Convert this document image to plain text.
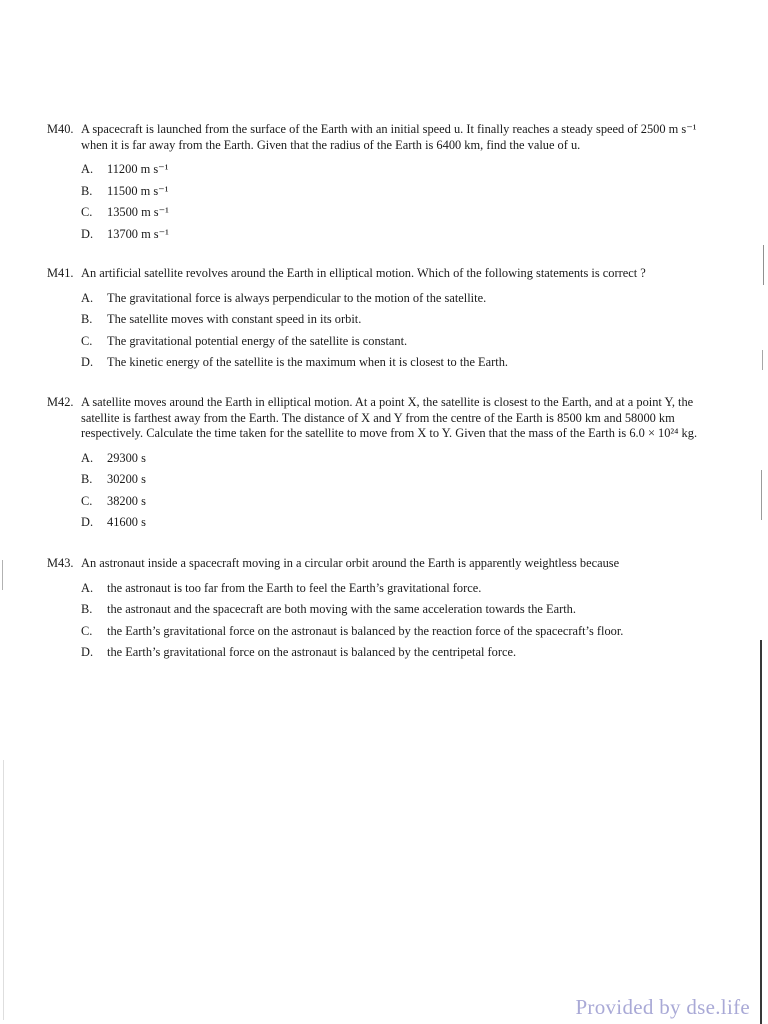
M40. A spacecraft is launched from the surface of the Earth with an initial speed u. It finally reaches a steady speed of 2500 m s⁻¹
when it is far away from the Earth. Given that the radius of the Earth is 6400 km, find the value of u.
A.	11200 m s⁻¹
B.	11500 m s⁻¹
C.	13500 m s⁻¹
D.	13700 m s⁻¹
M41. An artificial satellite revolves around the Earth in elliptical motion. Which of the following statements is correct ?
A.	The gravitational force is always perpendicular to the motion of the satellite.
B.	The satellite moves with constant speed in its orbit.
C.	The gravitational potential energy of the satellite is constant.
D.	The kinetic energy of the satellite is the maximum when it is closest to the Earth.
M42. A satellite moves around the Earth in elliptical motion. At a point X, the satellite is closest to the Earth, and at a point Y, the
satellite is farthest away from the Earth. The distance of X and Y from the centre of the Earth is 8500 km and 58000 km
respectively. Calculate the time taken for the satellite to move from X to Y. Given that the mass of the Earth is 6.0 × 10²⁴ kg.
A.	29300 s
B.	30200 s
C.	38200 s
D.	41600 s
M43. An astronaut inside a spacecraft moving in a circular orbit around the Earth is apparently weightless because
A.	the astronaut is too far from the Earth to feel the Earth’s gravitational force.
B.	the astronaut and the spacecraft are both moving with the same acceleration towards the Earth.
C.	the Earth’s gravitational force on the astronaut is balanced by the reaction force of the spacecraft’s floor.
D.	the Earth’s gravitational force on the astronaut is balanced by the centripetal force.
Provided by dse.life
